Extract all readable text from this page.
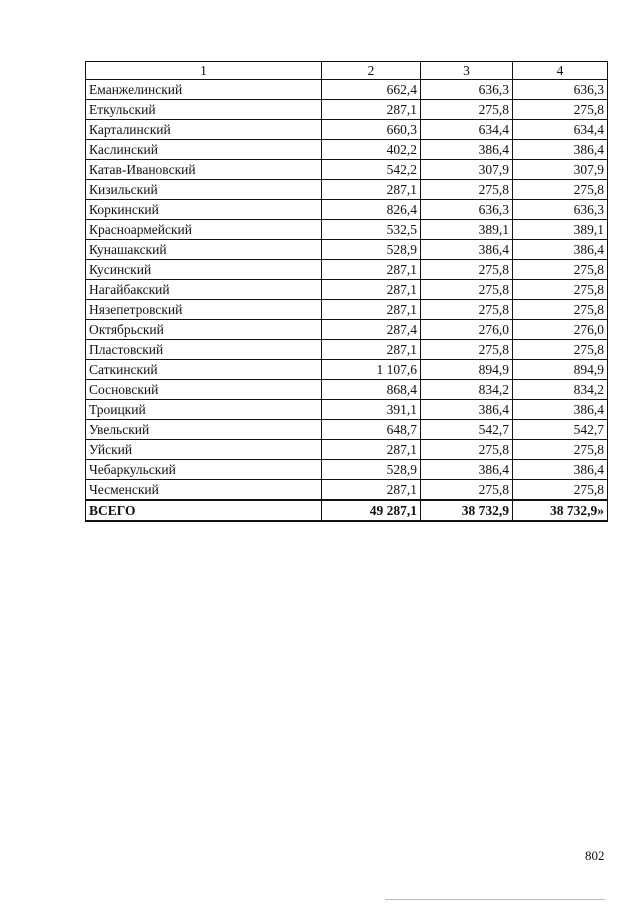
1	2	3	4
Еманжелинский	662,4	636,3	636,3
Еткульский	287,1	275,8	275,8
Карталинский	660,3	634,4	634,4
Каслинский	402,2	386,4	386,4
Катав-Ивановский	542,2	307,9	307,9
Кизильский	287,1	275,8	275,8
Коркинский	826,4	636,3	636,3
Красноармейский	532,5	389,1	389,1
Кунашакский	528,9	386,4	386,4
Кусинский	287,1	275,8	275,8
Нагайбакский	287,1	275,8	275,8
Нязепетровский	287,1	275,8	275,8
Октябрьский	287,4	276,0	276,0
Пластовский	287,1	275,8	275,8
Саткинский	1 107,6	894,9	894,9
Сосновский	868,4	834,2	834,2
Троицкий	391,1	386,4	386,4
Увельский	648,7	542,7	542,7
Уйский	287,1	275,8	275,8
Чебаркульский	528,9	386,4	386,4
Чесменский	287,1	275,8	275,8
ВСЕГО	49 287,1	38 732,9	38 732,9»
802
